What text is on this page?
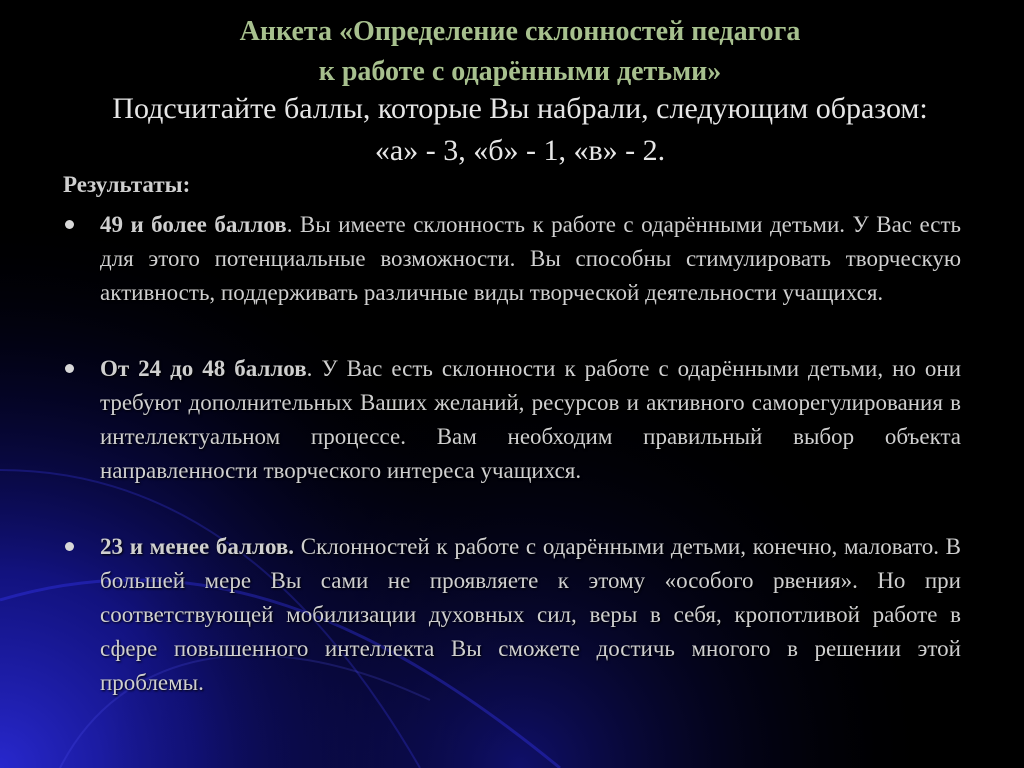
Анкета «Определение склонностей педагога
к работе с одарёнными детьми»
Подсчитайте баллы, которые Вы набрали, следующим образом:
«а» - 3, «б» - 1, «в» - 2.
Результаты:
49 и более баллов. Вы имеете склонность к работе с одарёнными детьми. У Вас есть для этого потенциальные возможности. Вы способны стимулировать творческую активность, поддерживать различные виды творческой деятельности учащихся.
От 24 до 48 баллов. У Вас есть склонности к работе с одарёнными детьми, но они требуют дополнительных Ваших желаний, ресурсов и активного саморегулирования в интеллектуальном процессе. Вам необходим правильный выбор объекта направленности творческого интереса учащихся.
23 и менее баллов. Склонностей к работе с одарёнными детьми, конечно, маловато. В большей мере Вы сами не проявляете к этому «особого рвения». Но при соответствующей мобилизации духовных сил, веры в себя, кропотливой работе в сфере повышенного интеллекта Вы сможете достичь многого в решении этой проблемы.
